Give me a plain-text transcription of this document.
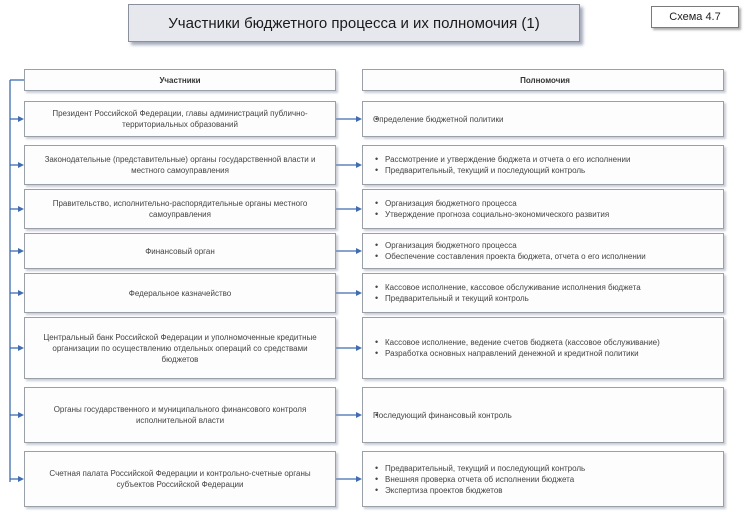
Участники бюджетного процесса и их полномочия (1)	Схема 4.7
Участники	Полномочия
Президент Российской Федерации, главы администраций публично-территориальных образований
• Определение бюджетной политики
Законодательные (представительные) органы государственной власти и местного самоуправления
• Рассмотрение и утверждение бюджета и отчета о его исполнении
• Предварительный, текущий и последующий контроль
Правительство, исполнительно-распорядительные органы местного самоуправления
• Организация бюджетного процесса
• Утверждение прогноза социально-экономического развития
Финансовый орган
• Организация бюджетного процесса
• Обеспечение составления проекта бюджета, отчета о его исполнении
Федеральное казначейство
• Кассовое исполнение, кассовое обслуживание исполнения бюджета
• Предварительный и текущий контроль
Центральный банк Российской Федерации и уполномоченные кредитные организации по осуществлению отдельных операций со средствами бюджетов
• Кассовое исполнение, ведение счетов бюджета (кассовое обслуживание)
• Разработка основных направлений денежной и кредитной политики
Органы государственного и муниципального финансового контроля исполнительной власти
• Последующий финансовый контроль
Счетная палата Российской Федерации и контрольно-счетные органы субъектов Российской Федерации
• Предварительный, текущий и последующий контроль
• Внешняя проверка отчета об исполнении бюджета
• Экспертиза проектов бюджетов
